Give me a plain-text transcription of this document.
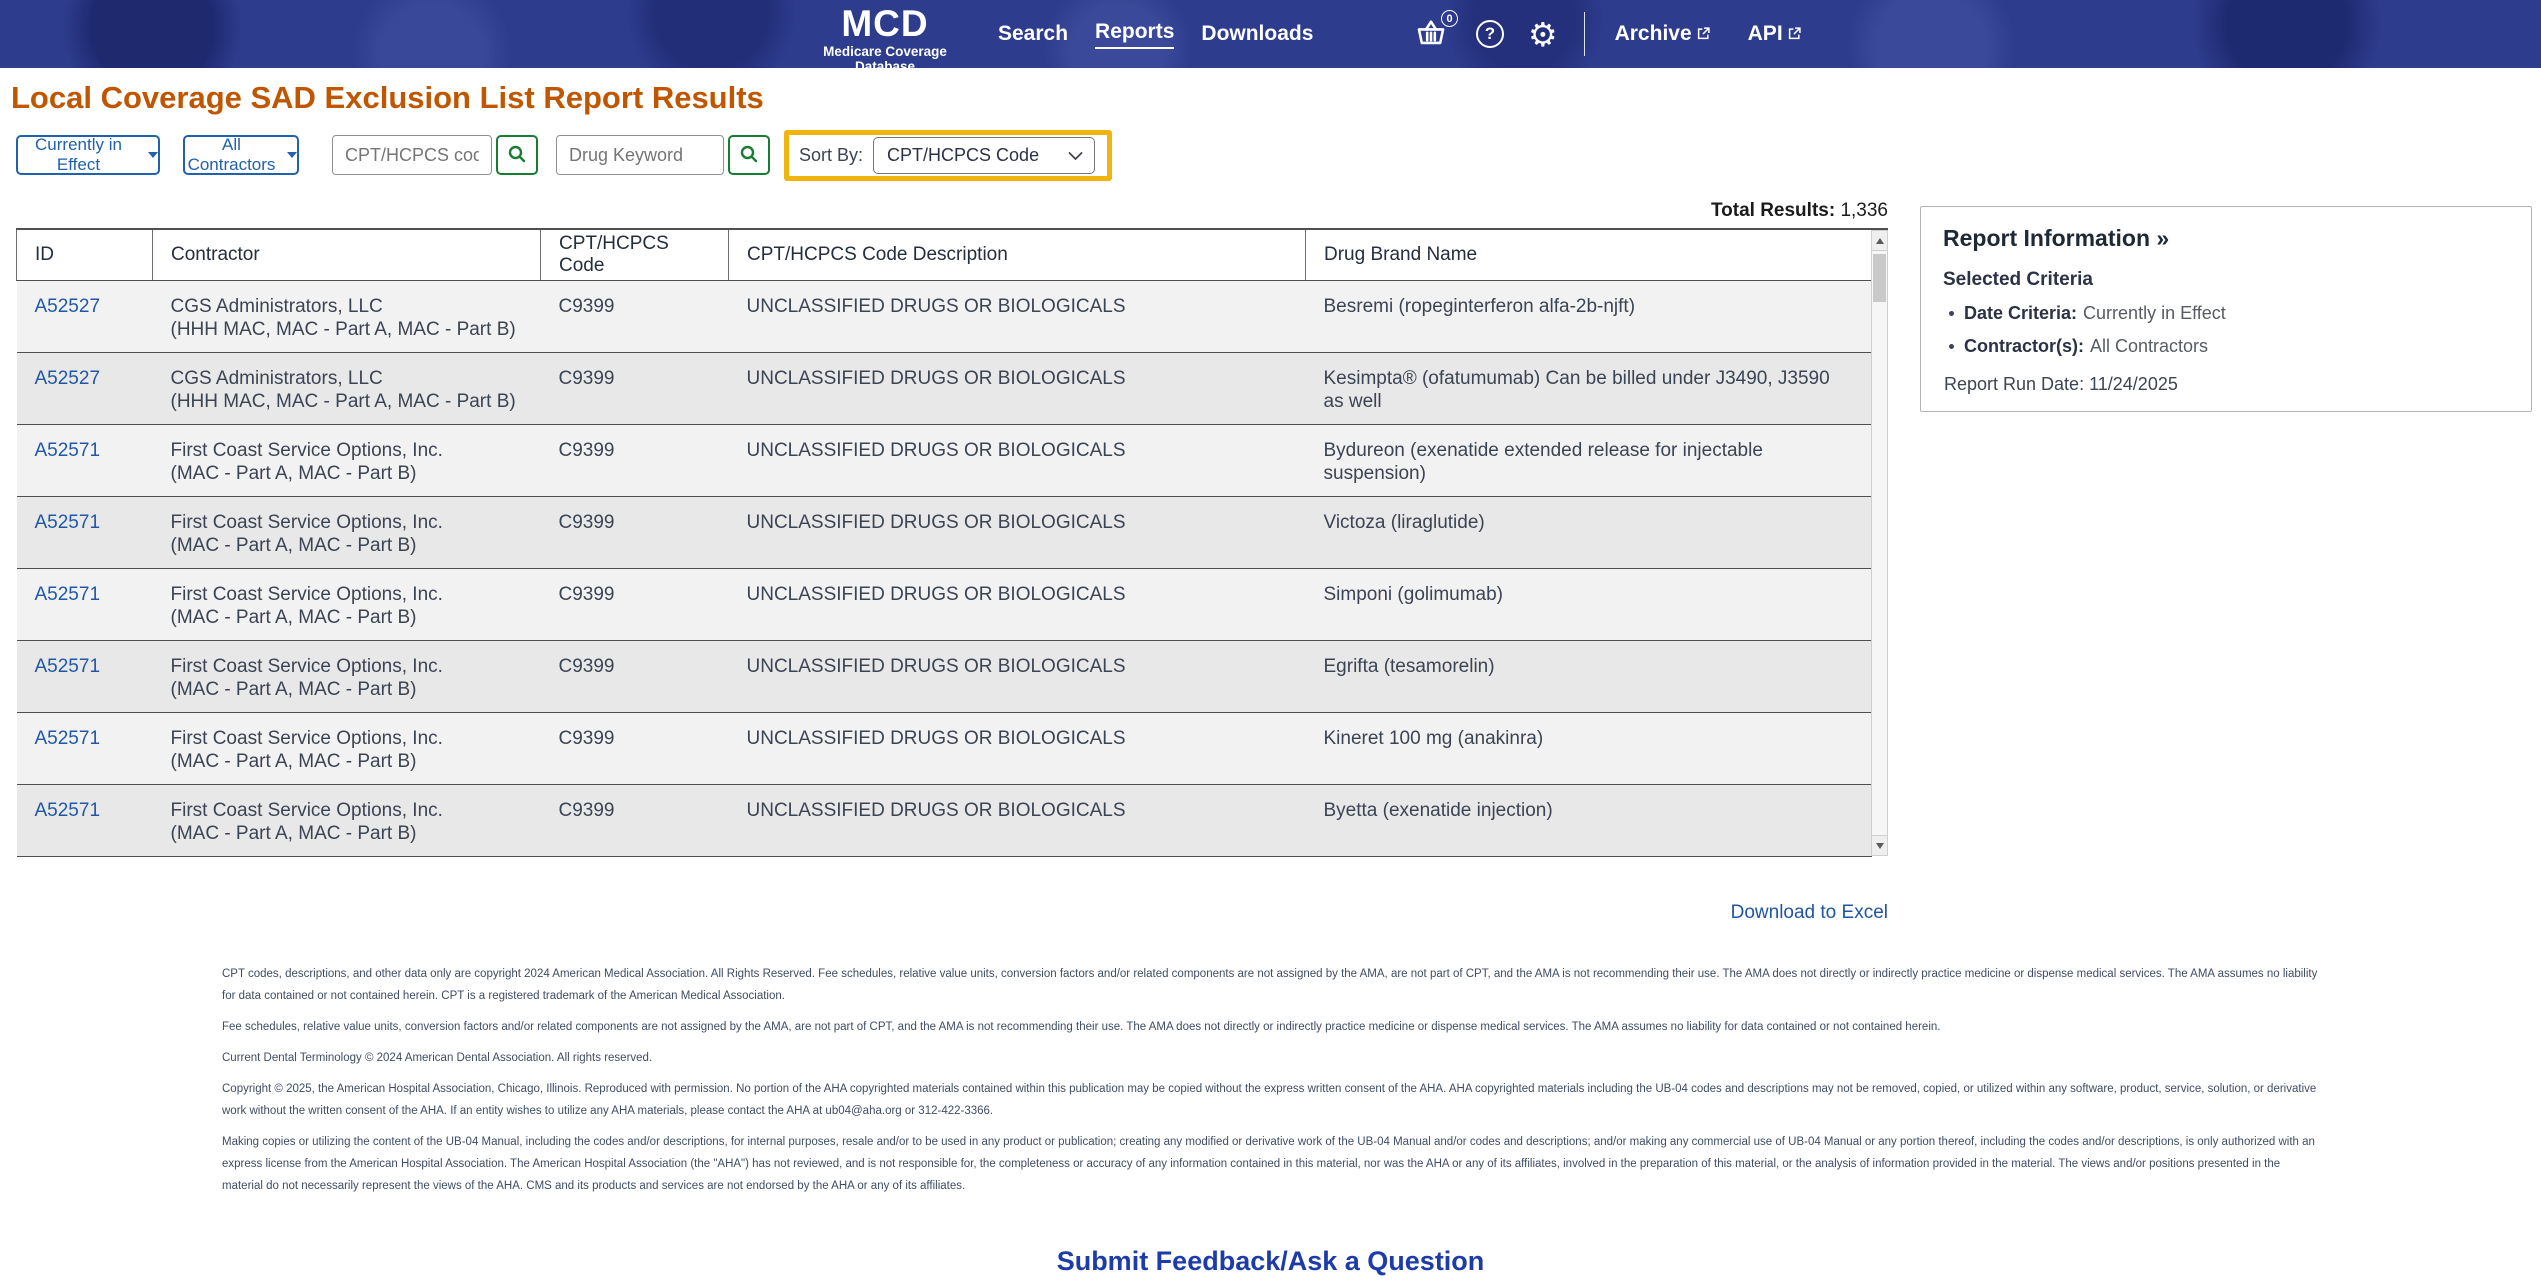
MCD
Medicare Coverage Database
Search Reports Downloads
0
? ⚙	Archive	API
Local Coverage SAD Exclusion List Report Results
Currently in Effect
All Contractors
CPT/HCPCS code(s)
Drug Keyword	Sort By: CPT/HCPCS Code
Total Results: 1,336
ID	Contractor	CPT/HCPCS Code	CPT/HCPCS Code Description	Drug Brand Name
A52527	CGS Administrators, LLC
(HHH MAC, MAC - Part A, MAC - Part B)	C9399	UNCLASSIFIED DRUGS OR BIOLOGICALS	Besremi (ropeginterferon alfa-2b-njft)
A52527	CGS Administrators, LLC
(HHH MAC, MAC - Part A, MAC - Part B)	C9399	UNCLASSIFIED DRUGS OR BIOLOGICALS	Kesimpta® (ofatumumab) Can be billed under J3490, J3590 as well
A52571	First Coast Service Options, Inc.
(MAC - Part A, MAC - Part B)	C9399	UNCLASSIFIED DRUGS OR BIOLOGICALS	Bydureon (exenatide extended release for injectable suspension)
A52571	First Coast Service Options, Inc.
(MAC - Part A, MAC - Part B)	C9399	UNCLASSIFIED DRUGS OR BIOLOGICALS	Victoza (liraglutide)
A52571	First Coast Service Options, Inc.
(MAC - Part A, MAC - Part B)	C9399	UNCLASSIFIED DRUGS OR BIOLOGICALS	Simponi (golimumab)
A52571	First Coast Service Options, Inc.
(MAC - Part A, MAC - Part B)	C9399	UNCLASSIFIED DRUGS OR BIOLOGICALS	Egrifta (tesamorelin)
A52571	First Coast Service Options, Inc.
(MAC - Part A, MAC - Part B)	C9399	UNCLASSIFIED DRUGS OR BIOLOGICALS	Kineret 100 mg (anakinra)
A52571	First Coast Service Options, Inc.
(MAC - Part A, MAC - Part B)	C9399	UNCLASSIFIED DRUGS OR BIOLOGICALS	Byetta (exenatide injection)
Report Information »
Selected Criteria
Date Criteria: Currently in Effect
Contractor(s): All Contractors
Report Run Date: 11/24/2025
Download to Excel

CPT codes, descriptions, and other data only are copyright 2024 American Medical Association. All Rights Reserved. Fee schedules, relative value units, conversion factors and/or related components are not assigned by the AMA, are not part of CPT, and the AMA is not recommending their use. The AMA does not directly or indirectly practice medicine or dispense medical services. The AMA assumes no liability for data contained or not contained herein. CPT is a registered trademark of the American Medical Association.

Fee schedules, relative value units, conversion factors and/or related components are not assigned by the AMA, are not part of CPT, and the AMA is not recommending their use. The AMA does not directly or indirectly practice medicine or dispense medical services. The AMA assumes no liability for data contained or not contained herein.

Current Dental Terminology © 2024 American Dental Association. All rights reserved.

Copyright © 2025, the American Hospital Association, Chicago, Illinois. Reproduced with permission. No portion of the AHA copyrighted materials contained within this publication may be copied without the express written consent of the AHA. AHA copyrighted materials including the UB-04 codes and descriptions may not be removed, copied, or utilized within any software, product, service, solution, or derivative work without the written consent of the AHA. If an entity wishes to utilize any AHA materials, please contact the AHA at ub04@aha.org or 312-422-3366.

Making copies or utilizing the content of the UB-04 Manual, including the codes and/or descriptions, for internal purposes, resale and/or to be used in any product or publication; creating any modified or derivative work of the UB-04 Manual and/or codes and descriptions; and/or making any commercial use of UB-04 Manual or any portion thereof, including the codes and/or descriptions, is only authorized with an express license from the American Hospital Association. The American Hospital Association (the "AHA") has not reviewed, and is not responsible for, the completeness or accuracy of any information contained in this material, nor was the AHA or any of its affiliates, involved in the preparation of this material, or the analysis of information provided in the material. The views and/or positions presented in the material do not necessarily represent the views of the AHA. CMS and its products and services are not endorsed by the AHA or any of its affiliates.

Submit Feedback/Ask a Question
